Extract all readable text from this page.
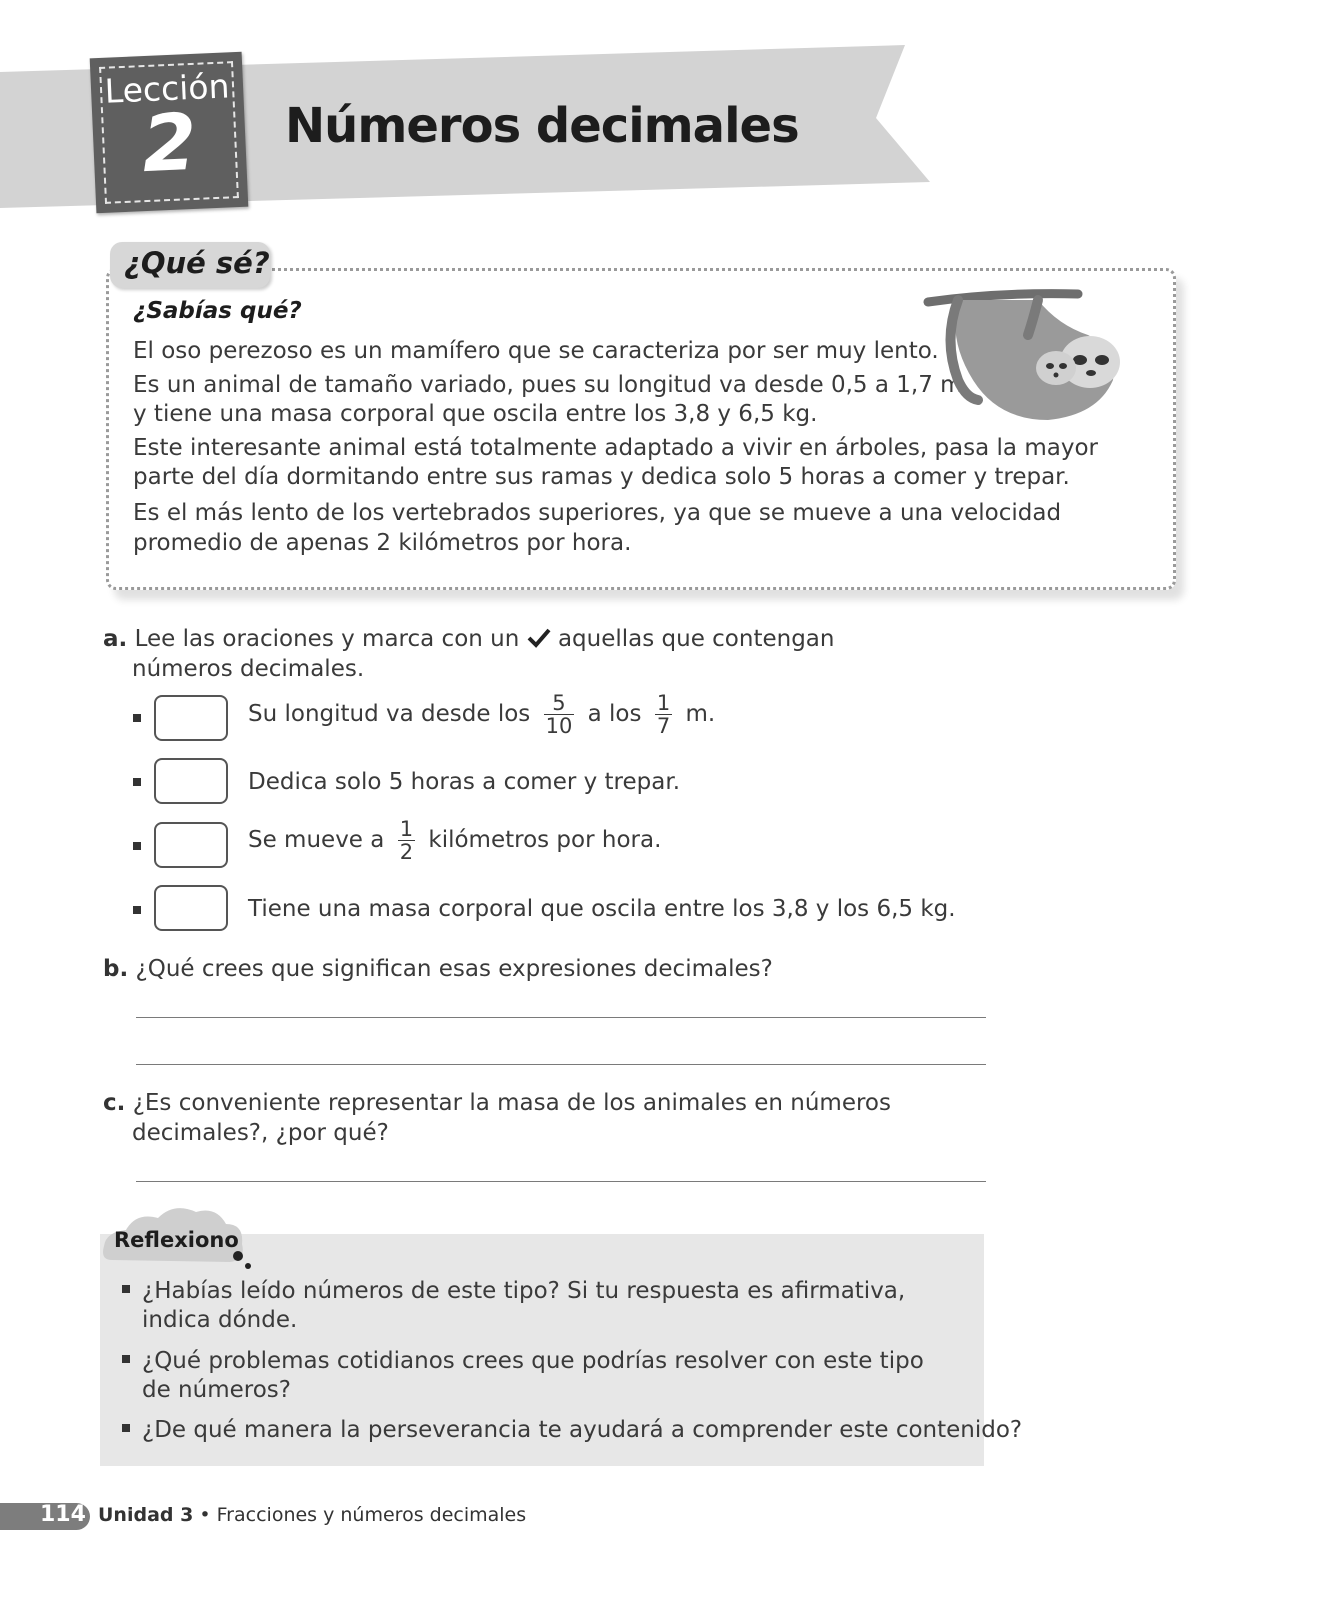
Lección
2	Números decimales
¿Qué sé?
¿Sabías qué?
El oso perezoso es un mamífero que se caracteriza por ser muy lento.
Es un animal de tamaño variado, pues su longitud va desde 0,5 a 1,7 m
y tiene una masa corporal que oscila entre los 3,8 y 6,5 kg.
Este interesante animal está totalmente adaptado a vivir en árboles, pasa la mayor
parte del día dormitando entre sus ramas y dedica solo 5 horas a comer y trepar.
Es el más lento de los vertebrados superiores, ya que se mueve a una velocidad
promedio de apenas 2 kilómetros por hora.
a. Lee las oraciones y marca con un aquellas que contengan
números decimales.
Su longitud va desde los $\frac{5}{10}$ a los $\frac{1}{7} m$.
Dedica solo 5 horas a comer y trepar.
Se mueve a $\frac{1}{2}$ kilómetros por hora.
Tiene una masa corporal que oscila entre los 3,8 y los 6,5 kg.
b. ¿Qué crees que significan esas expresiones decimales?
c. ¿Es conveniente representar la masa de los animales en números
decimales?, ¿por qué?
Reflexiono
¿Habías leído números de este tipo? Si tu respuesta es afirmativa,
indica dónde.
¿Qué problemas cotidianos crees que podrías resolver con este tipo
de números?
¿De qué manera la perseverancia te ayudará a comprender este contenido?
114 Unidad 3 • Fracciones y números decimales
